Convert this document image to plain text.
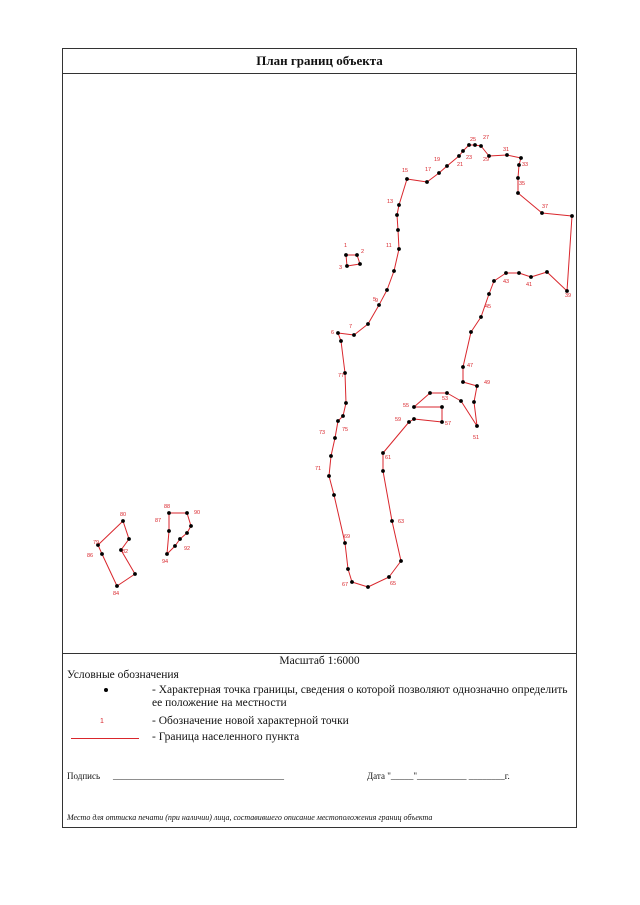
План границ объекта
1
2
3
5
6
7
9
11
13
15	17
19
21
23
25 27
29
31
33
35
37
39
41
43
45
47
49
51
53
55
57
59
61
63
65
67
69
71
73	75
77
79
80
82
84
86
87
88
90
92
94
Масштаб 1:6000
Условные обозначения
- Характерная точка границы, сведения о которой позволяют однозначно определить ее положение на местности
1	- Обозначение новой характерной точки
- Граница населенного пункта
Подпись ______________________________________	Дата "_____"___________ ________г.
Место для оттиска печати (при наличии) лица, составившего описание местоположения границ объекта
